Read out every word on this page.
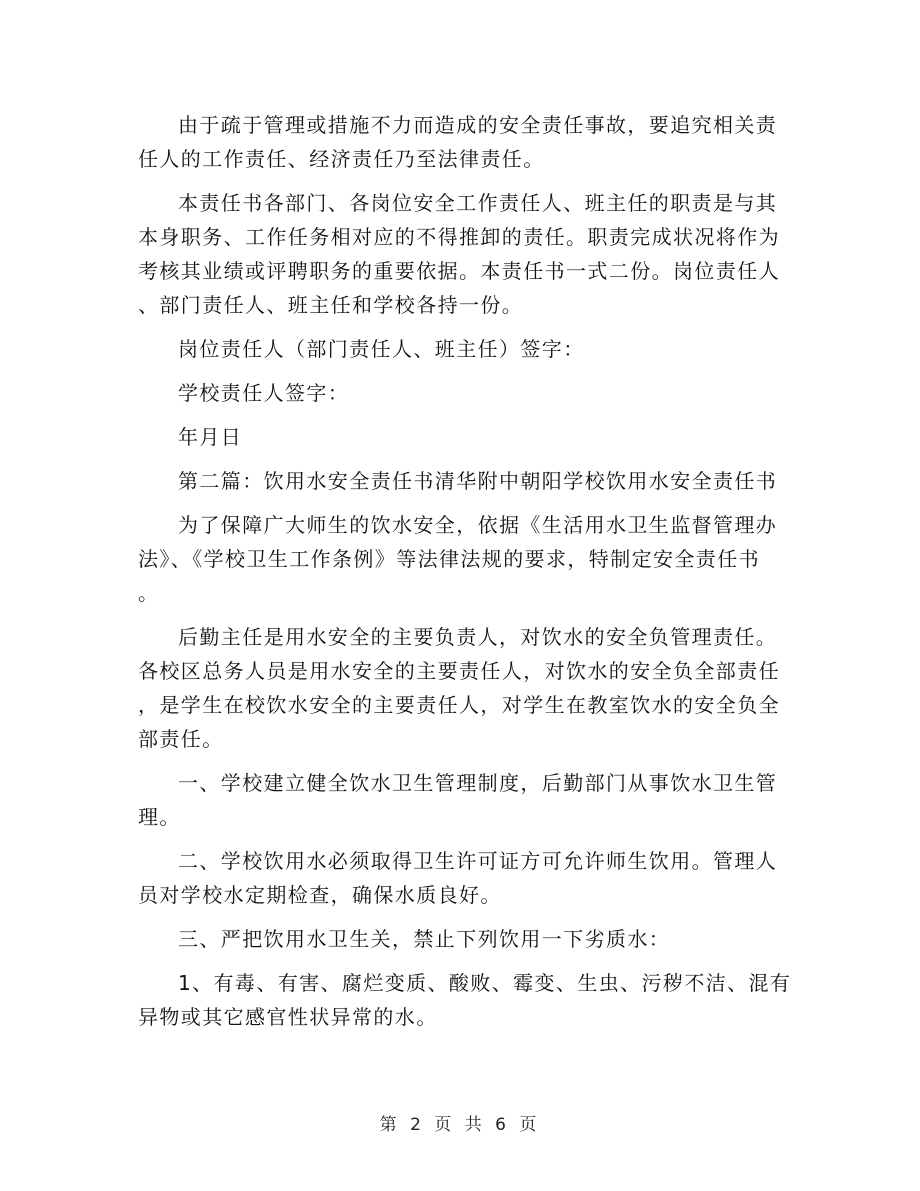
由于疏于管理或措施不力而造成的安全责任事故，要追究相关责
任人的工作责任、经济责任乃至法律责任。
本责任书各部门、各岗位安全工作责任人、班主任的职责是与其
本身职务、工作任务相对应的不得推卸的责任。职责完成状况将作为
考核其业绩或评聘职务的重要依据。本责任书一式二份。岗位责任人
、部门责任人、班主任和学校各持一份。
岗位责任人（部门责任人、班主任）签字：
学校责任人签字：
年月日
第二篇：饮用水安全责任书清华附中朝阳学校饮用水安全责任书
为了保障广大师生的饮水安全，依据《生活用水卫生监督管理办
法》、《学校卫生工作条例》等法律法规的要求，特制定安全责任书
。
后勤主任是用水安全的主要负责人，对饮水的安全负管理责任。
各校区总务人员是用水安全的主要责任人，对饮水的安全负全部责任
，是学生在校饮水安全的主要责任人，对学生在教室饮水的安全负全
部责任。
一、学校建立健全饮水卫生管理制度，后勤部门从事饮水卫生管
理。
二、学校饮用水必须取得卫生许可证方可允许师生饮用。管理人
员对学校水定期检查，确保水质良好。
三、严把饮用水卫生关，禁止下列饮用一下劣质水：
1、有毒、有害、腐烂变质、酸败、霉变、生虫、污秽不洁、混有
异物或其它感官性状异常的水。
第 2 页 共 6 页
